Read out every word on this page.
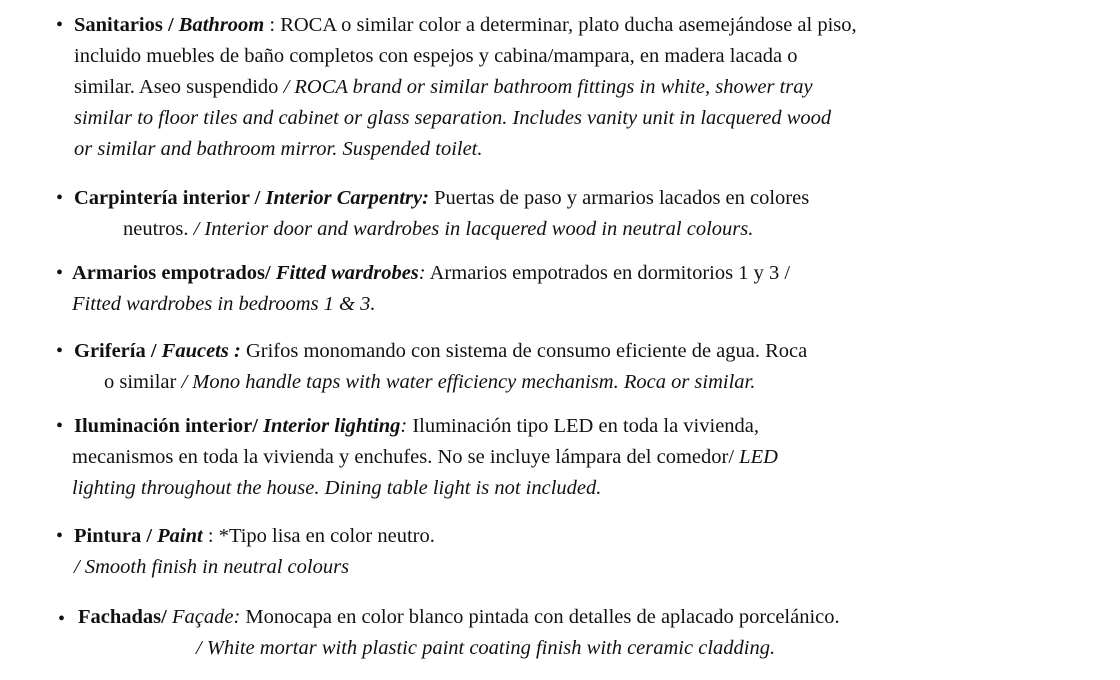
• Sanitarios / Bathroom : ROCA o similar color a determinar, plato ducha asemejándose al piso,
incluido muebles de baño completos con espejos y cabina/mampara, en madera lacada o
similar. Aseo suspendido / ROCA brand or similar bathroom fittings in white, shower tray
similar to floor tiles and cabinet or glass separation. Includes vanity unit in lacquered wood
or similar and bathroom mirror. Suspended toilet.
• Carpintería interior / Interior Carpentry: Puertas de paso y armarios lacados en colores
neutros. / Interior door and wardrobes in lacquered wood in neutral colours.
• Armarios empotrados/ Fitted wardrobes: Armarios empotrados en dormitorios 1 y 3 /
Fitted wardrobes in bedrooms 1 & 3.
• Grifería / Faucets : Grifos monomando con sistema de consumo eficiente de agua. Roca
o similar / Mono handle taps with water efficiency mechanism. Roca or similar.
• Iluminación interior/ Interior lighting: Iluminación tipo LED en toda la vivienda,
mecanismos en toda la vivienda y enchufes. No se incluye lámpara del comedor/ LED
lighting throughout the house. Dining table light is not included.
• Pintura / Paint : *Tipo lisa en color neutro.
/ Smooth finish in neutral colours
• Fachadas/ Façade: Monocapa en color blanco pintada con detalles de aplacado porcelánico.
/ White mortar with plastic paint coating finish with ceramic cladding.
